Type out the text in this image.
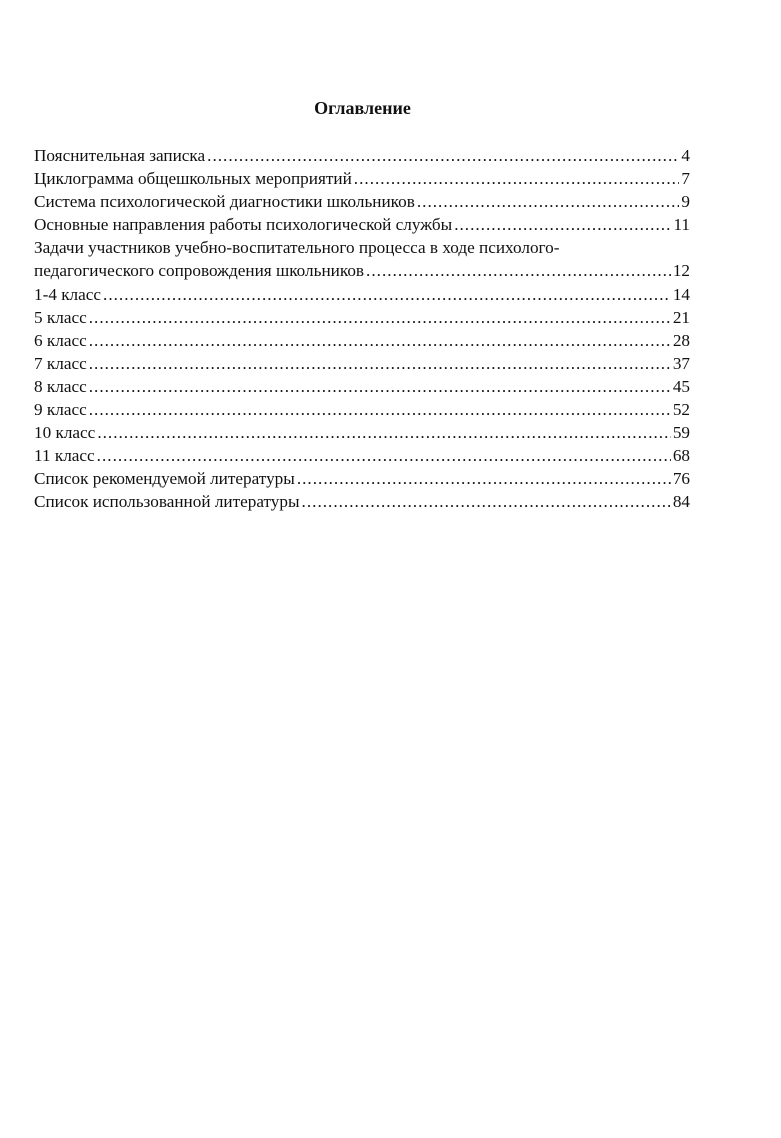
Оглавление
Пояснительная записка .....	4
Циклограмма общешкольных мероприятий .....	7
Система психологической диагностики школьников .....	9
Основные направления работы психологической службы .....	11
Задачи участников учебно-воспитательного процесса в ходе психолого-
педагогического сопровождения школьников .....	12
1-4 класс .....	14
5 класс .....	21
6 класс .....	28
7 класс .....	37
8 класс .....	45
9 класс .....	52
10 класс .....	59
11 класс .....	68
Список рекомендуемой литературы .....	76
Список использованной литературы .....	84
